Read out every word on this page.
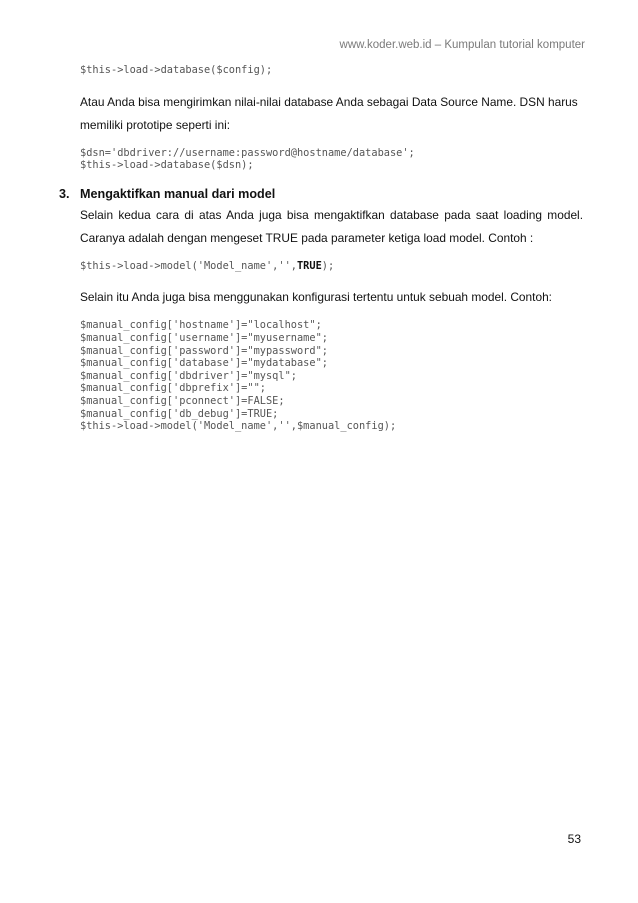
www.koder.web.id – Kumpulan tutorial komputer
$this->load->database($config);
Atau Anda bisa mengirimkan nilai-nilai database Anda sebagai Data Source Name. DSN harus
memiliki prototipe seperti ini:
$dsn='dbdriver://username:password@hostname/database';
$this->load->database($dsn);
3. Mengaktifkan manual dari model
Selain kedua cara di atas Anda juga bisa mengaktifkan database pada saat loading model.
Caranya adalah dengan mengeset TRUE pada parameter ketiga load model. Contoh :
$this->load->model('Model_name','',TRUE);
Selain itu Anda juga bisa menggunakan konfigurasi tertentu untuk sebuah model. Contoh:
$manual_config['hostname']="localhost";
$manual_config['username']="myusername";
$manual_config['password']="mypassword";
$manual_config['database']="mydatabase";
$manual_config['dbdriver']="mysql";
$manual_config['dbprefix']="";
$manual_config['pconnect']=FALSE;
$manual_config['db_debug']=TRUE;
$this->load->model('Model_name','',$manual_config);
53
